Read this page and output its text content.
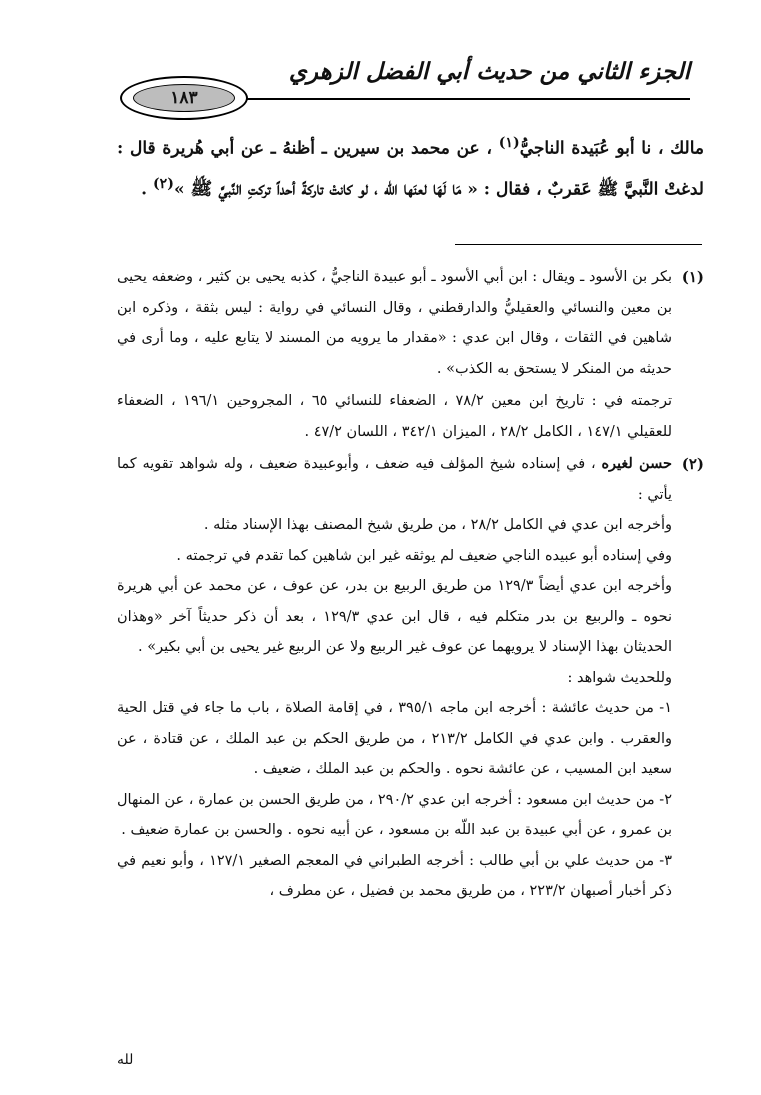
١٨٣
الجزء الثاني من حديث أبي الفضل الزهري

مالك ، نا أبو عُبَيدة الناجيُّ$^{(١)}$ ، عن محمد بن سيرين ـ أظنهُ ـ عن أبي هُريرة قال : لدغتْ النَّبيَّ ﷺ عَقربٌ ، فقال : « مَا لَهَا لعنَها اللّه ، لو كانتْ تاركةً أحداً تركتِ النَّبيَّ ﷺ »$^{(٢)}$ .

(١)

بكر بن الأسود ـ ويقال : ابن أبي الأسود ـ أبو عبيدة الناجيُّ ، كذبه يحيى بن كثير ، وضعفه يحيى بن معين والنسائي والعقيليُّ والدارقطني ، وقال النسائي في رواية : ليس بثقة ، وذكره ابن شاهين في الثقات ، وقال ابن عدي : «مقدار ما يرويه من المسند لا يتابع عليه ، وما أرى في حديثه من المنكر لا يستحق به الكذب» .

ترجمته في : تاريخ ابن معين ٧٨/٢ ، الضعفاء للنسائي ٦٥ ، المجروحين ١٩٦/١ ، الضعفاء للعقيلي ١٤٧/١ ، الكامل ٢٨/٢ ، الميزان ٣٤٢/١ ، اللسان ٤٧/٢ .

(٢)

حسن لغيره ، في إسناده شيخ المؤلف فيه ضعف ، وأبوعبيدة ضعيف ، وله شواهد تقويه كما يأتي :

وأخرجه ابن عدي في الكامل ٢٨/٢ ، من طريق شيخ المصنف بهذا الإسناد مثله .

وفي إسناده أبو عبيده الناجي ضعيف لم يوثقه غير ابن شاهين كما تقدم في ترجمته .

وأخرجه ابن عدي أيضاً ١٢٩/٣ من طريق الربيع بن بدر، عن عوف ، عن محمد عن أبي هريرة نحوه ـ والربيع بن بدر متكلم فيه ، قال ابن عدي ١٢٩/٣ ، بعد أن ذكر حديثاً آخر «وهذان الحديثان بهذا الإسناد لا يرويهما عن عوف غير الربيع ولا عن الربيع غير يحيى بن أبي بكير» .

وللحديث شواهد :

١- من حديث عائشة : أخرجه ابن ماجه ٣٩٥/١ ، في إقامة الصلاة ، باب ما جاء في قتل الحية والعقرب . وابن عدي في الكامل ٢١٣/٢ ، من طريق الحكم بن عبد الملك ، عن قتادة ، عن سعيد ابن المسيب ، عن عائشة نحوه . والحكم بن عبد الملك ، ضعيف .

٢- من حديث ابن مسعود : أخرجه ابن عدي ٢٩٠/٢ ، من طريق الحسن بن عمارة ، عن المنهال بن عمرو ، عن أبي عبيدة بن عبد اللّه بن مسعود ، عن أبيه نحوه . والحسن بن عمارة ضعيف .

٣- من حديث علي بن أبي طالب : أخرجه الطبراني في المعجم الصغير ١٢٧/١ ، وأبو نعيم في ذكر أخبار أصبهان ٢٢٣/٢ ، من طريق محمد بن فضيل ، عن مطرف ،

لله
